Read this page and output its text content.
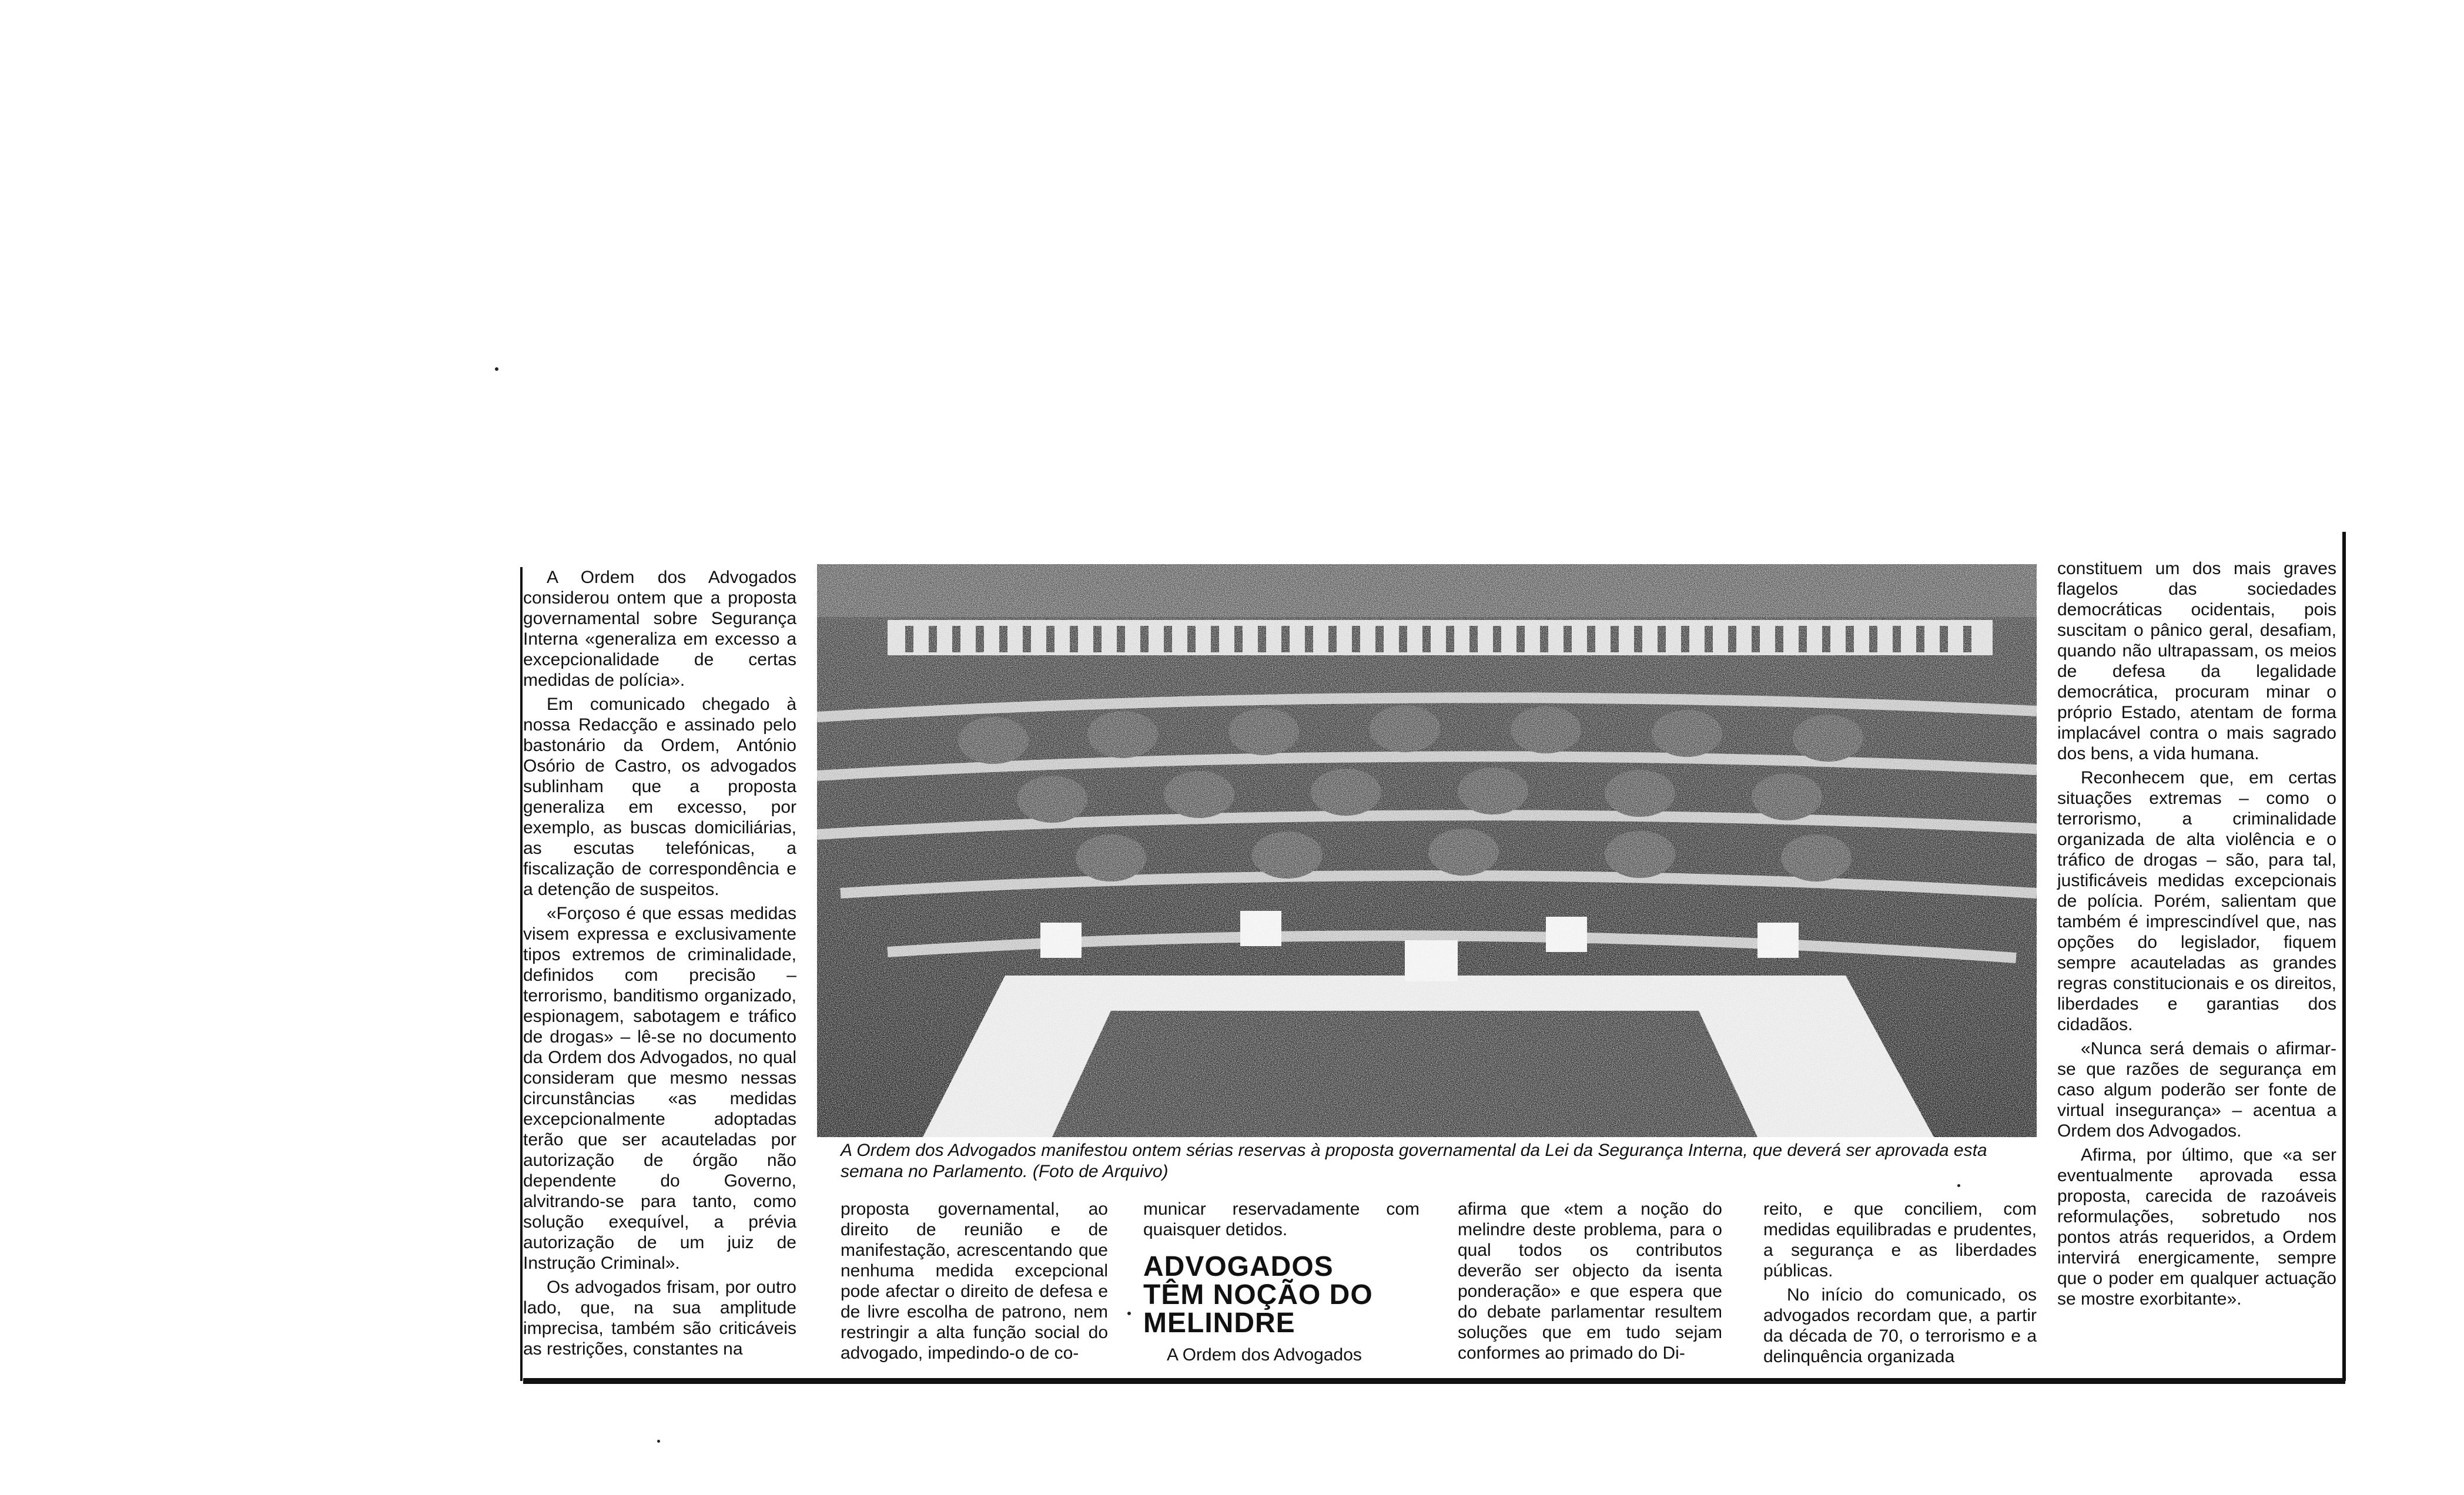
A Ordem dos Advogados considerou ontem que a proposta governamental sobre Segurança Interna «generaliza em excesso a excepcionalidade de certas medidas de polícia».

Em comunicado chegado à nossa Redacção e assinado pelo bastonário da Ordem, António Osório de Castro, os advogados sublinham que a proposta generaliza em excesso, por exemplo, as buscas domiciliárias, as escutas telefónicas, a fiscalização de correspondência e a detenção de suspeitos.

«Forçoso é que essas medidas visem expressa e exclusivamente tipos extremos de criminalidade, definidos com precisão – terrorismo, banditismo organizado, espionagem, sabotagem e tráfico de drogas» – lê-se no documento da Ordem dos Advogados, no qual consideram que mesmo nessas circunstâncias «as medidas excepcionalmente adoptadas terão que ser acauteladas por autorização de órgão não dependente do Governo, alvitrando-se para tanto, como solução exequível, a prévia autorização de um juiz de Instrução Criminal».

Os advogados frisam, por outro lado, que, na sua amplitude imprecisa, também são criticáveis as restrições, constantes na

A Ordem dos Advogados manifestou ontem sérias reservas à proposta governamental da Lei da Segurança Interna, que deverá ser aprovada esta semana no Parlamento. (Foto de Arquivo)

proposta governamental, ao direito de reunião e de manifestação, acrescentando que nenhuma medida excepcional pode afectar o direito de defesa e de livre escolha de patrono, nem restringir a alta função social do advogado, impedindo-o de co-

municar reservadamente com quaisquer detidos.

ADVOGADOS TÊM NOÇÃO DO MELINDRE

A Ordem dos Advogados

afirma que «tem a noção do melindre deste problema, para o qual todos os contributos deverão ser objecto da isenta ponderação» e que espera que do debate parlamentar resultem soluções que em tudo sejam conformes ao primado do Di-

reito, e que conciliem, com medidas equilibradas e prudentes, a segurança e as liberdades públicas.

No início do comunicado, os advogados recordam que, a partir da década de 70, o terrorismo e a delinquência organizada

constituem um dos mais graves flagelos das sociedades democráticas ocidentais, pois suscitam o pânico geral, desafiam, quando não ultrapassam, os meios de defesa da legalidade democrática, procuram minar o próprio Estado, atentam de forma implacável contra o mais sagrado dos bens, a vida humana.

Reconhecem que, em certas situações extremas – como o terrorismo, a criminalidade organizada de alta violência e o tráfico de drogas – são, para tal, justificáveis medidas excepcionais de polícia. Porém, salientam que também é imprescindível que, nas opções do legislador, fiquem sempre acauteladas as grandes regras constitucionais e os direitos, liberdades e garantias dos cidadãos.

«Nunca será demais o afirmar-se que razões de segurança em caso algum poderão ser fonte de virtual insegurança» – acentua a Ordem dos Advogados.

Afirma, por último, que «a ser eventualmente aprovada essa proposta, carecida de razoáveis reformulações, sobretudo nos pontos atrás requeridos, a Ordem intervirá energicamente, sempre que o poder em qualquer actuação se mostre exorbitante».
